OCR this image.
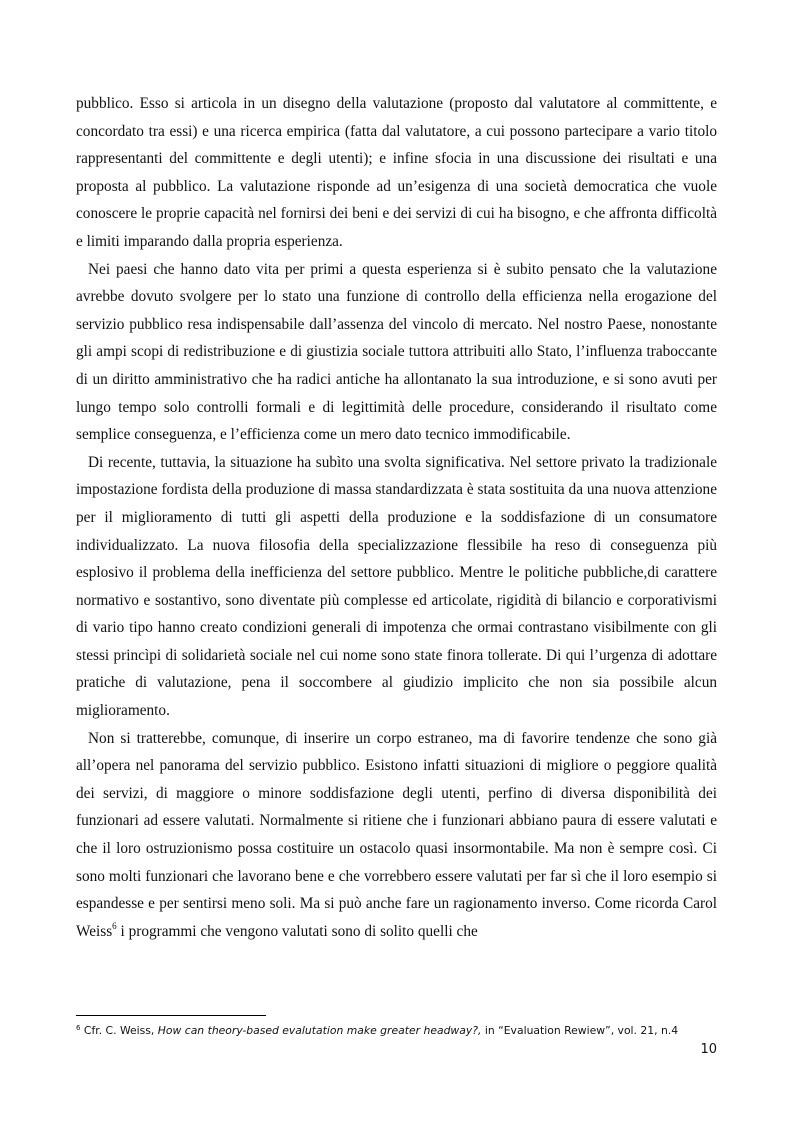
pubblico. Esso si articola in un disegno della valutazione (proposto dal valutatore al committente, e concordato tra essi) e una ricerca empirica (fatta dal valutatore, a cui possono partecipare a vario titolo rappresentanti del committente e degli utenti); e infine sfocia in una discussione dei risultati e una proposta al pubblico. La valutazione risponde ad un’esigenza di una società democratica che vuole conoscere le proprie capacità nel fornirsi dei beni e dei servizi di cui ha bisogno, e che affronta difficoltà e limiti imparando dalla propria esperienza.

Nei paesi che hanno dato vita per primi a questa esperienza si è subito pensato che la valutazione avrebbe dovuto svolgere per lo stato una funzione di controllo della efficienza nella erogazione del servizio pubblico resa indispensabile dall’assenza del vincolo di mercato. Nel nostro Paese, nonostante gli ampi scopi di redistribuzione e di giustizia sociale tuttora attribuiti allo Stato, l’influenza traboccante di un diritto amministrativo che ha radici antiche ha allontanato la sua introduzione, e si sono avuti per lungo tempo solo controlli formali e di legittimità delle procedure, considerando il risultato come semplice conseguenza, e l’efficienza come un mero dato tecnico immodificabile.

Di recente, tuttavia, la situazione ha subìto una svolta significativa. Nel settore privato la tradizionale impostazione fordista della produzione di massa standardizzata è stata sostituita da una nuova attenzione per il miglioramento di tutti gli aspetti della produzione e la soddisfazione di un consumatore individualizzato. La nuova filosofia della specializzazione flessibile ha reso di conseguenza più esplosivo il problema della inefficienza del settore pubblico. Mentre le politiche pubbliche,di carattere normativo e sostantivo, sono diventate più complesse ed articolate, rigidità di bilancio e corporativismi di vario tipo hanno creato condizioni generali di impotenza che ormai contrastano visibilmente con gli stessi princìpi di solidarietà sociale nel cui nome sono state finora tollerate. Di qui l’urgenza di adottare pratiche di valutazione, pena il soccombere al giudizio implicito che non sia possibile alcun miglioramento.

Non si tratterebbe, comunque, di inserire un corpo estraneo, ma di favorire tendenze che sono già all’opera nel panorama del servizio pubblico. Esistono infatti situazioni di migliore o peggiore qualità dei servizi, di maggiore o minore soddisfazione degli utenti, perfino di diversa disponibilità dei funzionari ad essere valutati. Normalmente si ritiene che i funzionari abbiano paura di essere valutati e che il loro ostruzionismo possa costituire un ostacolo quasi insormontabile. Ma non è sempre così. Ci sono molti funzionari che lavorano bene e che vorrebbero essere valutati per far sì che il loro esempio si espandesse e per sentirsi meno soli. Ma si può anche fare un ragionamento inverso. Come ricorda Carol Weiss$^6$ i programmi che vengono valutati sono di solito quelli che

$^6$ Cfr. C. Weiss, How can theory-based evalutation make greater headway?, in “Evaluation Rewiew”, vol. 21, n.4
10
